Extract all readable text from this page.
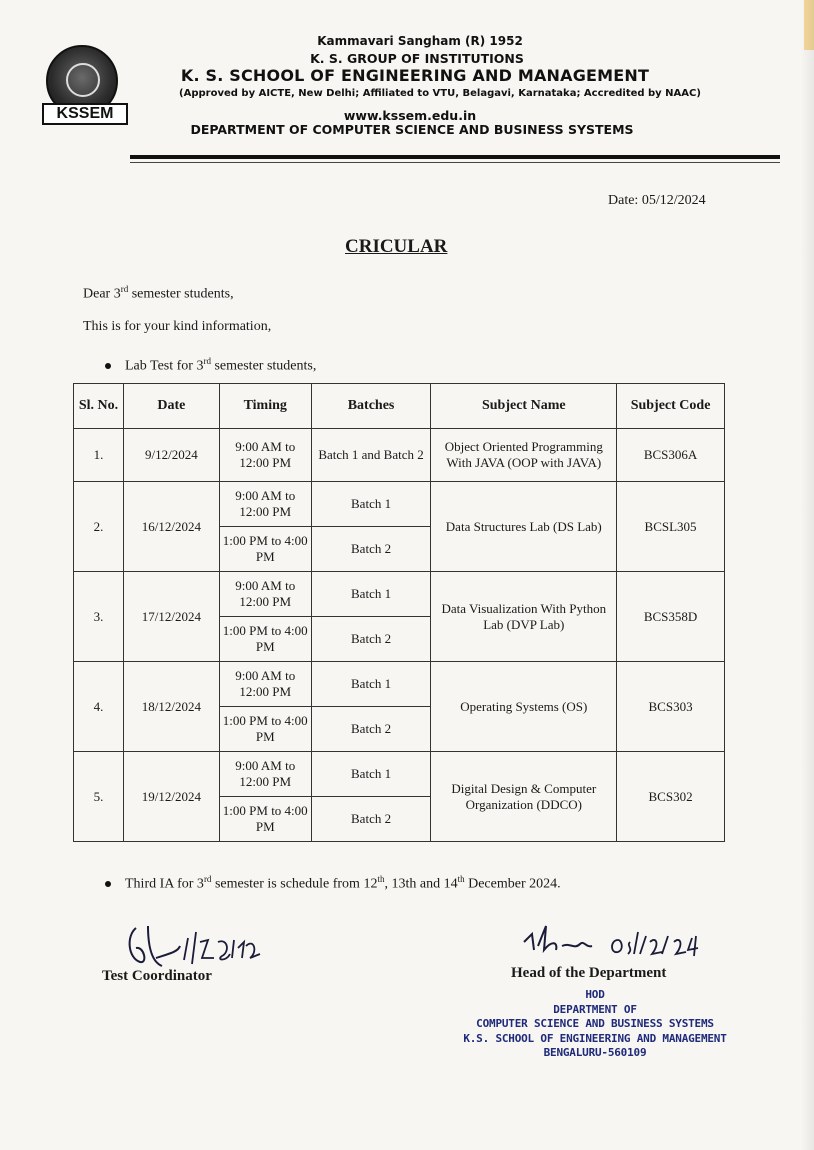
KSSEM
Kammavari Sangham (R) 1952
K. S. GROUP OF INSTITUTIONS
K. S. SCHOOL OF ENGINEERING AND MANAGEMENT
(Approved by AICTE, New Delhi; Affiliated to VTU, Belagavi, Karnataka; Accredited by NAAC)
www.kssem.edu.in
DEPARTMENT OF COMPUTER SCIENCE AND BUSINESS SYSTEMS
Date: 05/12/2024
CRICULAR
Dear 3rd semester students,
This is for your kind information,
Lab Test for 3rd semester students,
Sl. No.	Date	Timing	Batches	Subject Name	Subject Code
1.	9/12/2024	9:00 AM to 12:00 PM	Batch 1 and Batch 2	Object Oriented Programming With JAVA (OOP with JAVA)	BCS306A
2.	16/12/2024	9:00 AM to 12:00 PM	Batch 1	Data Structures Lab (DS Lab)	BCSL305
		1:00 PM to 4:00 PM	Batch 2		
3.	17/12/2024	9:00 AM to 12:00 PM	Batch 1	Data Visualization With Python Lab (DVP Lab)	BCS358D
		1:00 PM to 4:00 PM	Batch 2		
4.	18/12/2024	9:00 AM to 12:00 PM	Batch 1	Operating Systems (OS)	BCS303
		1:00 PM to 4:00 PM	Batch 2		
5.	19/12/2024	9:00 AM to 12:00 PM	Batch 1	Digital Design & Computer Organization (DDCO)	BCS302
		1:00 PM to 4:00 PM	Batch 2		
Third IA for 3rd semester is schedule from 12th, 13th and 14th December 2024.
Test Coordinator	Head of the Department
HOD
DEPARTMENT OF
COMPUTER SCIENCE AND BUSINESS SYSTEMS
K.S. SCHOOL OF ENGINEERING AND MANAGEMENT
BENGALURU-560109
